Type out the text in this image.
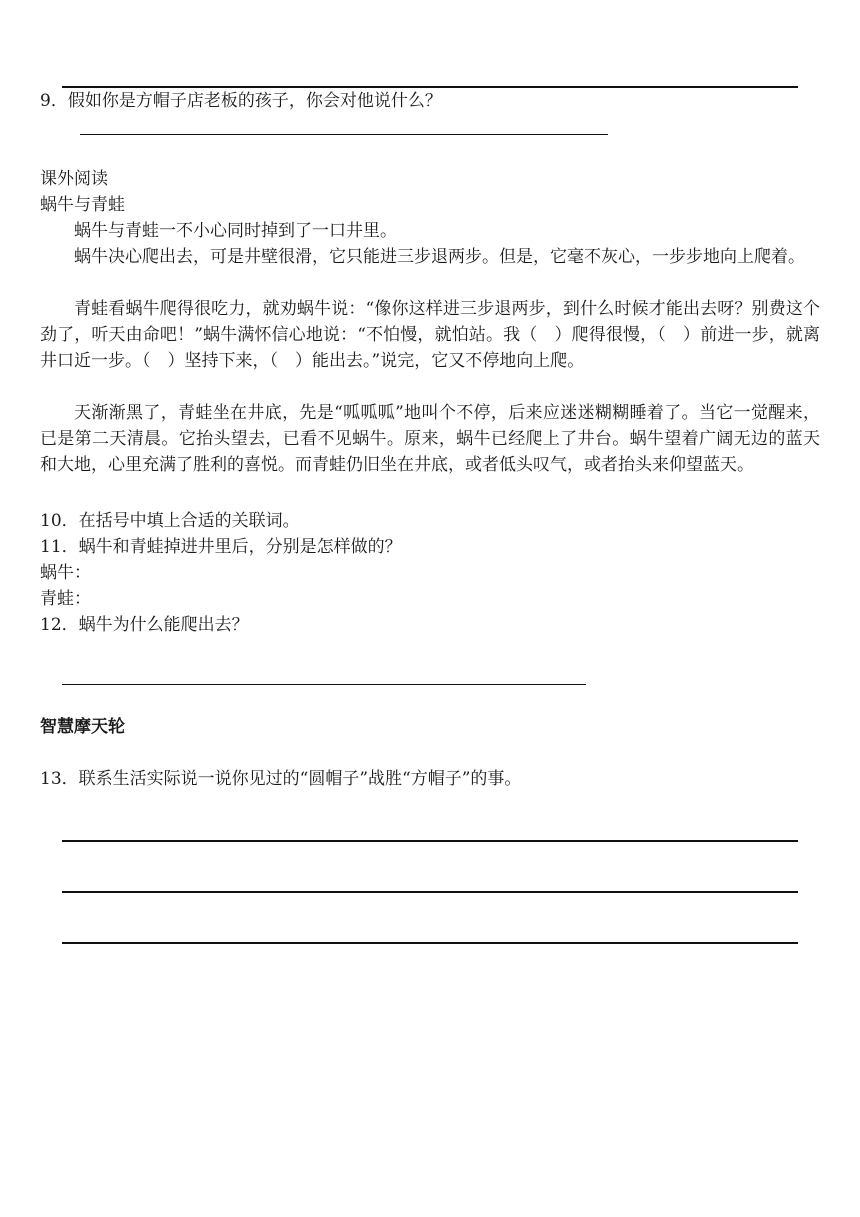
9．假如你是方帽子店老板的孩子，你会对他说什么？
课外阅读
蜗牛与青蛙
蜗牛与青蛙一不小心同时掉到了一口井里。
蜗牛决心爬出去，可是井壁很滑，它只能进三步退两步。但是，它毫不灰心，一步步地向上爬着。
青蛙看蜗牛爬得很吃力，就劝蜗牛说：“像你这样进三步退两步，到什么时候才能出去呀？别费这个劲了，听天由命吧！”蜗牛满怀信心地说：“不怕慢，就怕站。我（　）爬得很慢，（　）前进一步，就离井口近一步。（　）坚持下来，（　）能出去。”说完，它又不停地向上爬。
天渐渐黑了，青蛙坐在井底，先是“呱呱呱”地叫个不停，后来应迷迷糊糊睡着了。当它一觉醒来，已是第二天清晨。它抬头望去，已看不见蜗牛。原来，蜗牛已经爬上了井台。蜗牛望着广阔无边的蓝天和大地，心里充满了胜利的喜悦。而青蛙仍旧坐在井底，或者低头叹气，或者抬头来仰望蓝天。
10．在括号中填上合适的关联词。
11．蜗牛和青蛙掉进井里后，分别是怎样做的？
蜗牛：
青蛙：
12．蜗牛为什么能爬出去？
智慧摩天轮
13．联系生活实际说一说你见过的“圆帽子”战胜“方帽子”的事。
